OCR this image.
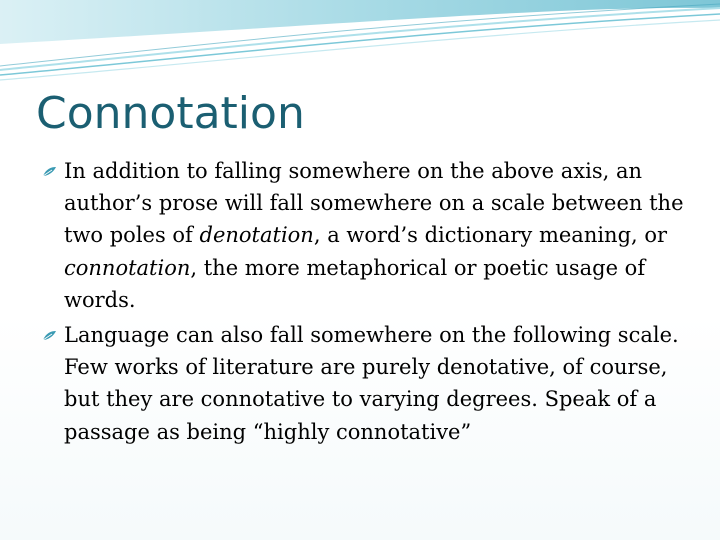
Connotation
In addition to falling somewhere on the above axis, an author’s prose will fall somewhere on a scale between the two poles of denotation, a word’s dictionary meaning, or connotation, the more metaphorical or poetic usage of words.
Language can also fall somewhere on the following scale. Few works of literature are purely denotative, of course, but they are connotative to varying degrees. Speak of a passage as being “highly connotative”
